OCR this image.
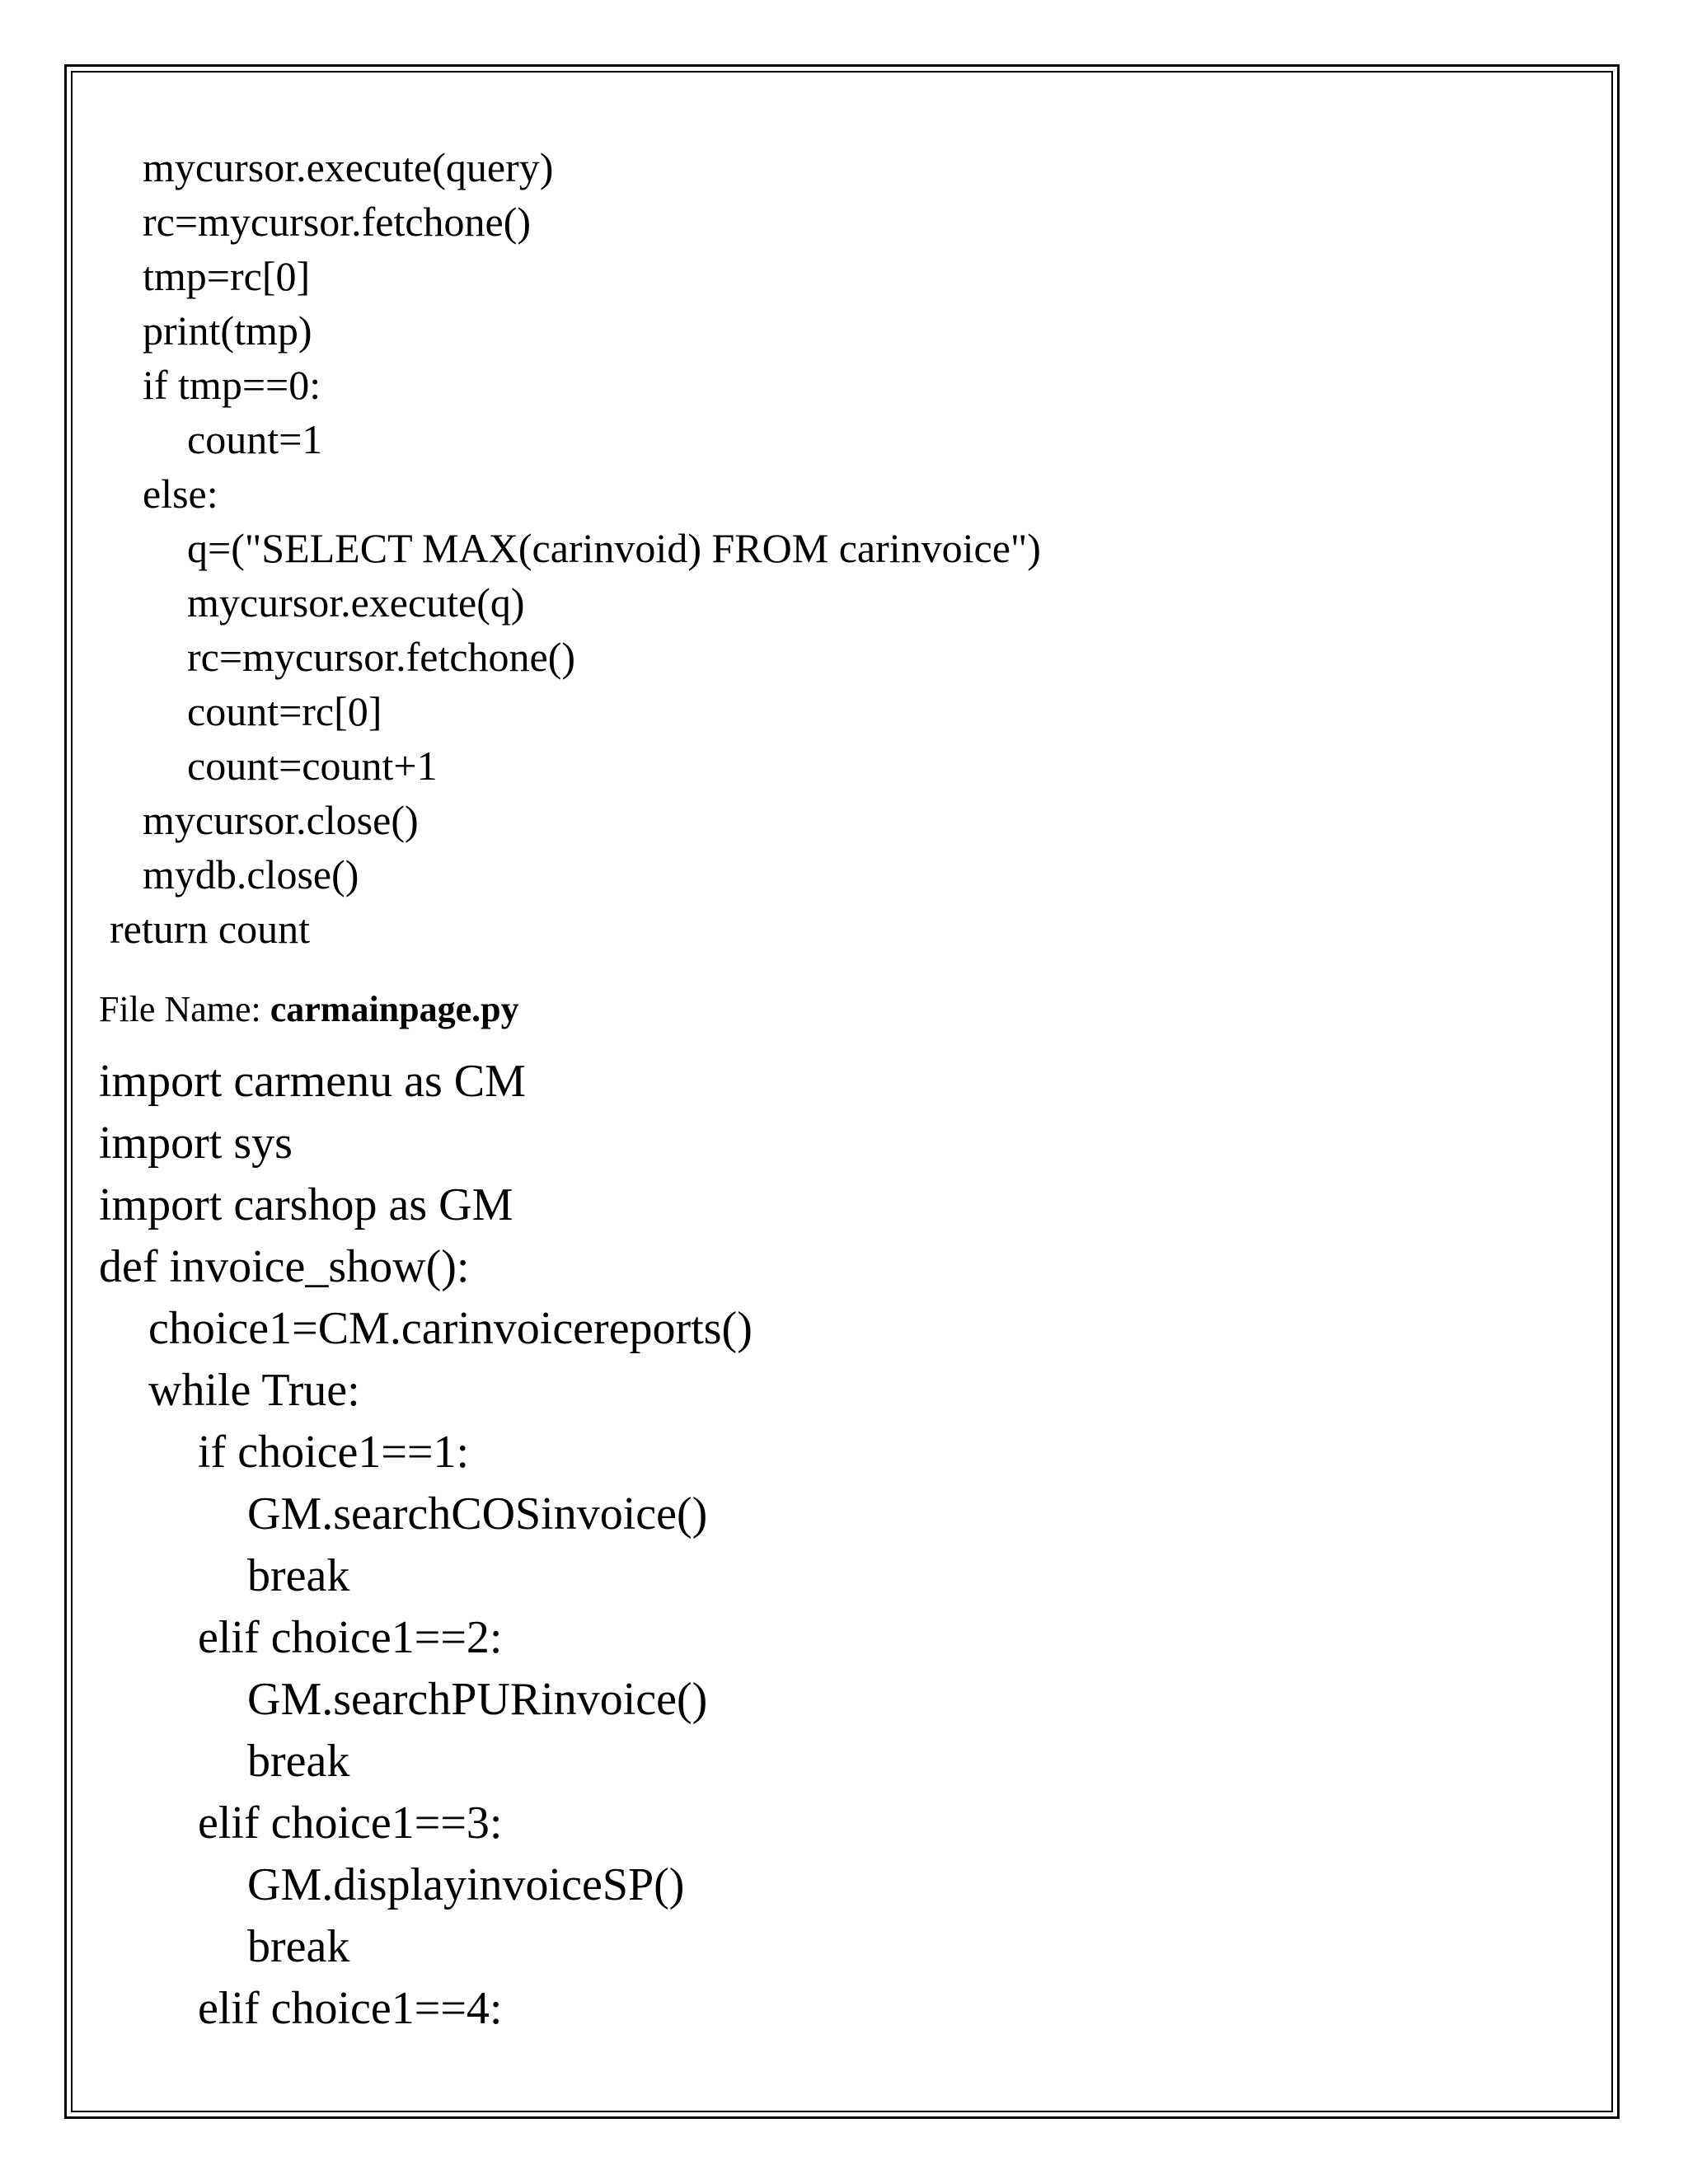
mycursor.execute(query)
rc=mycursor.fetchone()
tmp=rc[0]
print(tmp)
if tmp==0:
count=1
else:
q=("SELECT MAX(carinvoid) FROM carinvoice")
mycursor.execute(q)
rc=mycursor.fetchone()
count=rc[0]
count=count+1
mycursor.close()
mydb.close()
return count
File Name: carmainpage.py
import carmenu as CM
import sys
import carshop as GM
def invoice_show():
choice1=CM.carinvoicereports()
while True:
if choice1==1:
GM.searchCOSinvoice()
break
elif choice1==2:
GM.searchPURinvoice()
break
elif choice1==3:
GM.displayinvoiceSP()
break
elif choice1==4:
